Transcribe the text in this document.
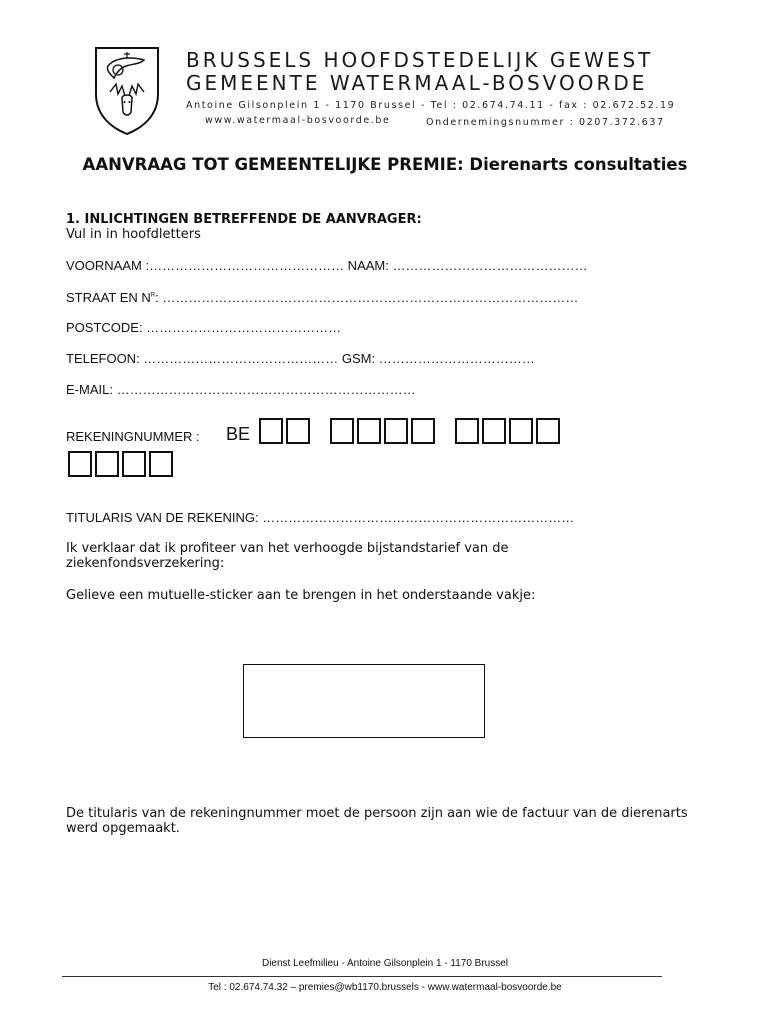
BRUSSELS HOOFDSTEDELIJK GEWEST
GEMEENTE WATERMAAL-BOSVOORDE
Antoine Gilsonplein 1 - 1170 Brussel - Tel : 02.674.74.11 - fax : 02.672.52.19
www.watermaal-bosvoorde.be	Ondernemingsnummer : 0207.372.637
AANVRAAG TOT GEMEENTELIJKE PREMIE: Dierenarts consultaties
1. INLICHTINGEN BETREFFENDE DE AANVRAGER:
Vul in in hoofdletters
VOORNAAM :……………………………………… NAAM: ………………………………………
STRAAT EN $N^R$: ……………………………………………………………………………………
POSTCODE: ………………………………………
TELEFOON: ……………………………………… GSM: ………………………………
E-MAIL: ……………………………………………………………
REKENINGNUMMER : BE

TITULARIS VAN DE REKENING: ………………………………………………………………
Ik verklaar dat ik profiteer van het verhoogde bijstandstarief van de ziekenfondsverzekering:
Gelieve een mutuelle-sticker aan te brengen in het onderstaande vakje:
De titularis van de rekeningnummer moet de persoon zijn aan wie de factuur van de dierenarts werd opgemaakt.
Dienst Leefmilieu - Antoine Gilsonplein 1 - 1170 Brussel
Tel : 02.674.74.32 – premies@wb1170.brussels - www.watermaal-bosvoorde.be
